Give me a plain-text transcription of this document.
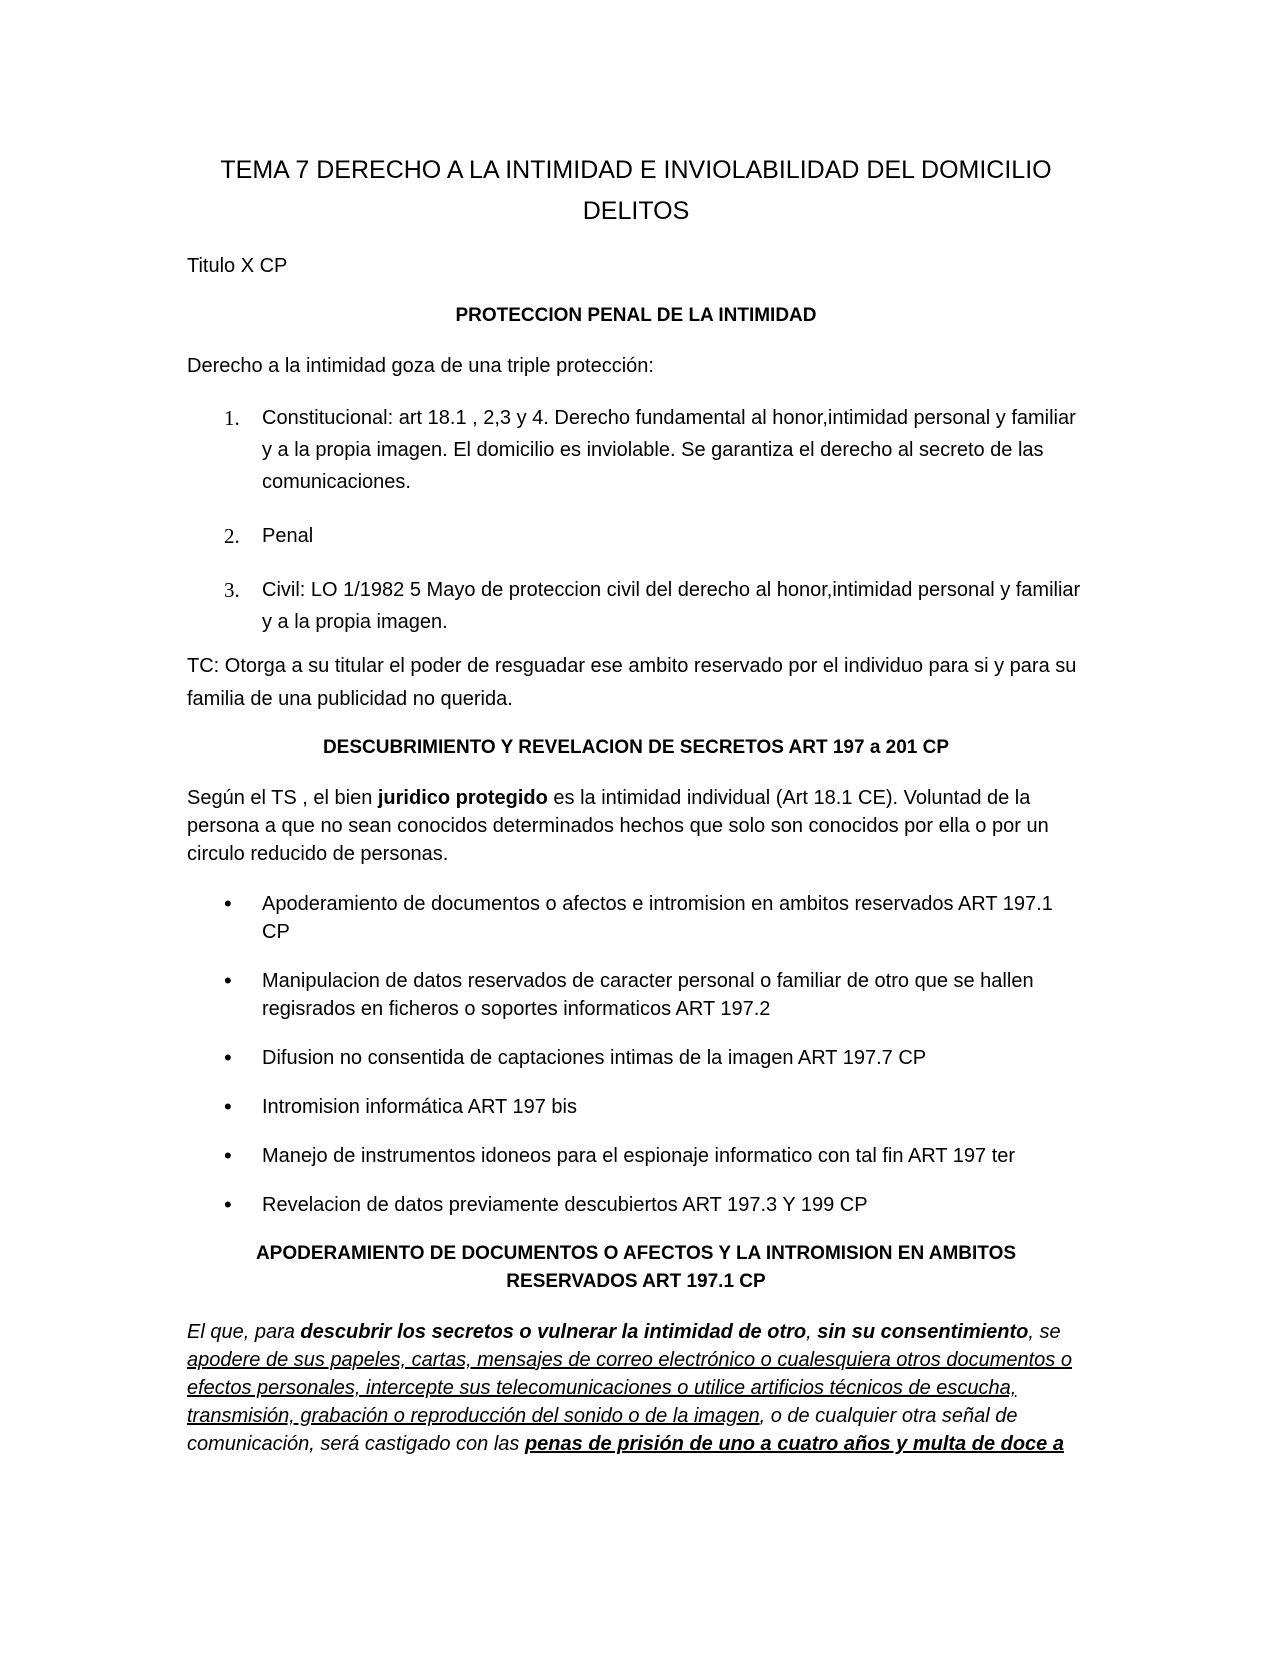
TEMA 7 DERECHO A LA INTIMIDAD E INVIOLABILIDAD DEL DOMICILIO
DELITOS

Titulo X CP

PROTECCION PENAL DE LA INTIMIDAD

Derecho a la intimidad goza de una triple protección:

1. Constitucional: art 18.1 , 2,3 y 4. Derecho fundamental al honor,intimidad personal y familiar y a la propia imagen. El domicilio es inviolable. Se garantiza el derecho al secreto de las comunicaciones.
2. Penal
3. Civil: LO 1/1982 5 Mayo de proteccion civil del derecho al honor,intimidad personal y familiar y a la propia imagen.

TC: Otorga a su titular el poder de resguadar ese ambito reservado por el individuo para si y para su familia de una publicidad no querida.

DESCUBRIMIENTO Y REVELACION DE SECRETOS ART 197 a 201 CP

Según el TS , el bien juridico protegido es la intimidad individual (Art 18.1 CE). Voluntad de la persona a que no sean conocidos determinados hechos que solo son conocidos por ella o por un circulo reducido de personas.

• Apoderamiento de documentos o afectos e intromision en ambitos reservados ART 197.1 CP
• Manipulacion de datos reservados de caracter personal o familiar de otro que se hallen regisrados en ficheros o soportes informaticos ART 197.2
• Difusion no consentida de captaciones intimas de la imagen ART 197.7 CP
• Intromision informática ART 197 bis
• Manejo de instrumentos idoneos para el espionaje informatico con tal fin ART 197 ter
• Revelacion de datos previamente descubiertos ART 197.3 Y 199 CP

APODERAMIENTO DE DOCUMENTOS O AFECTOS Y LA INTROMISION EN AMBITOS
RESERVADOS ART 197.1 CP

El que, para descubrir los secretos o vulnerar la intimidad de otro, sin su consentimiento, se apodere de sus papeles, cartas, mensajes de correo electrónico o cualesquiera otros documentos o efectos personales, intercepte sus telecomunicaciones o utilice artificios técnicos de escucha, transmisión, grabación o reproducción del sonido o de la imagen, o de cualquier otra señal de comunicación, será castigado con las penas de prisión de uno a cuatro años y multa de doce a
